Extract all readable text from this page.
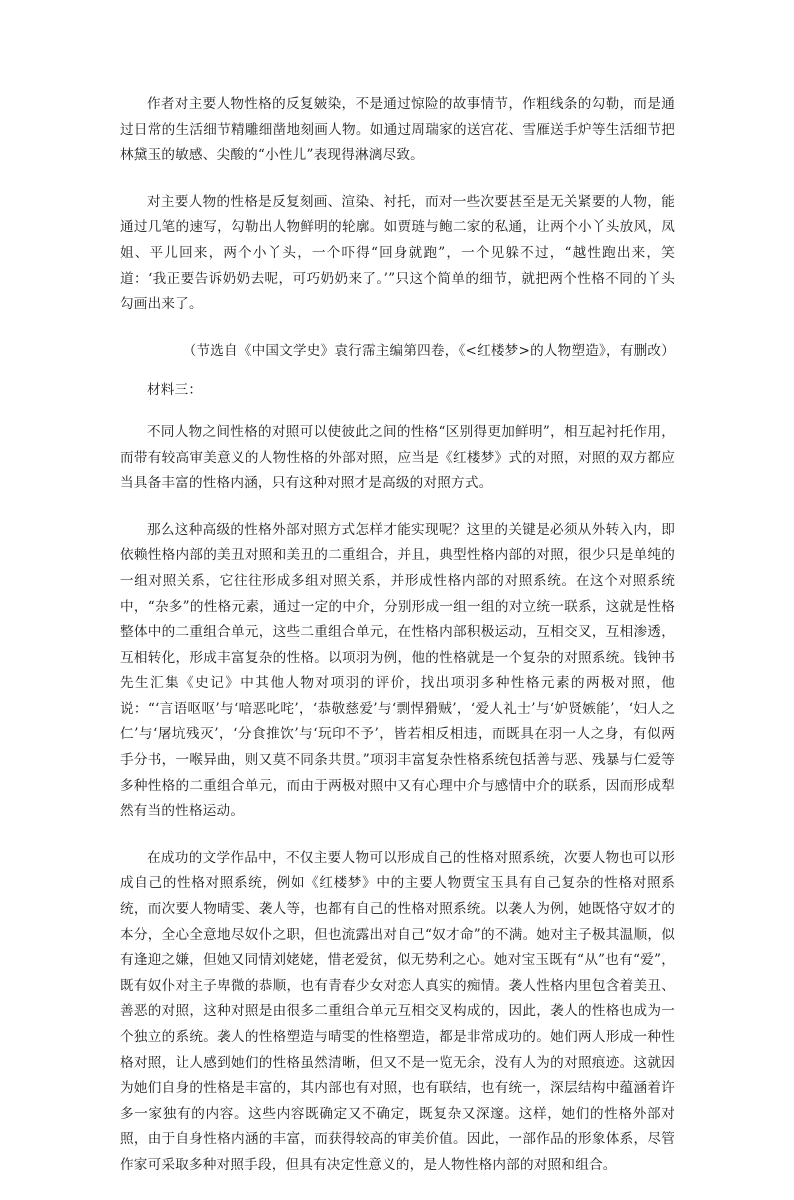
作者对主要人物性格的反复皴染，不是通过惊险的故事情节，作粗线条的勾勒，而是通过日常的生活细节精雕细凿地刻画人物。如通过周瑞家的送宫花、雪雁送手炉等生活细节把林黛玉的敏感、尖酸的“小性儿”表现得淋漓尽致。

对主要人物的性格是反复刻画、渲染、衬托，而对一些次要甚至是无关紧要的人物，能通过几笔的速写，勾勒出人物鲜明的轮廓。如贾琏与鲍二家的私通，让两个小丫头放风，凤姐、平儿回来，两个小丫头，一个吓得“回身就跑”，一个见躲不过，“越性跑出来，笑道：‘我正要告诉奶奶去呢，可巧奶奶来了。’”只这个简单的细节，就把两个性格不同的丫头勾画出来了。

（节选自《中国文学史》袁行霈主编第四卷，《<红楼梦>的人物塑造》，有删改）

材料三：

不同人物之间性格的对照可以使彼此之间的性格“区别得更加鲜明”，相互起衬托作用，而带有较高审美意义的人物性格的外部对照，应当是《红楼梦》式的对照，对照的双方都应当具备丰富的性格内涵，只有这种对照才是高级的对照方式。

那么这种高级的性格外部对照方式怎样才能实现呢？这里的关键是必须从外转入内，即依赖性格内部的美丑对照和美丑的二重组合，并且，典型性格内部的对照，很少只是单纯的一组对照关系，它往往形成多组对照关系，并形成性格内部的对照系统。在这个对照系统中，“杂多”的性格元素，通过一定的中介，分别形成一组一组的对立统一联系，这就是性格整体中的二重组合单元，这些二重组合单元，在性格内部积极运动，互相交叉，互相渗透，互相转化，形成丰富复杂的性格。以项羽为例，他的性格就是一个复杂的对照系统。钱钟书先生汇集《史记》中其他人物对项羽的评价，找出项羽多种性格元素的两极对照，他说：“‘言语呕呕’与‘喑恶叱咤’，‘恭敬慈爱’与‘剽悍猾贼’，‘爱人礼士’与‘妒贤嫉能’，‘妇人之仁’与‘屠坑残灭’，‘分食推饮’与‘玩印不予’，皆若相反相违，而既具在羽一人之身，有似两手分书，一喉异曲，则又莫不同条共贯。”项羽丰富复杂性格系统包括善与恶、残暴与仁爱等多种性格的二重组合单元，而由于两极对照中又有心理中介与感情中介的联系，因而形成犁然有当的性格运动。

在成功的文学作品中，不仅主要人物可以形成自己的性格对照系统，次要人物也可以形成自己的性格对照系统，例如《红楼梦》中的主要人物贾宝玉具有自己复杂的性格对照系统，而次要人物晴雯、袭人等，也都有自己的性格对照系统。以袭人为例，她既恪守奴才的本分，全心全意地尽奴仆之职，但也流露出对自己“奴才命”的不满。她对主子极其温顺，似有逢迎之嫌，但她又同情刘姥姥，惜老爱贫，似无势利之心。她对宝玉既有“从”也有“爱”，既有奴仆对主子卑微的恭顺，也有青春少女对恋人真实的痴情。袭人性格内里包含着美丑、善恶的对照，这种对照是由很多二重组合单元互相交叉构成的，因此，袭人的性格也成为一个独立的系统。袭人的性格塑造与晴雯的性格塑造，都是非常成功的。她们两人形成一种性格对照，让人感到她们的性格虽然清晰，但又不是一览无余，没有人为的对照痕迹。这就因为她们自身的性格是丰富的，其内部也有对照，也有联结，也有统一，深层结构中蕴涵着许多一家独有的内容。这些内容既确定又不确定，既复杂又深邃。这样，她们的性格外部对照，由于自身性格内涵的丰富，而获得较高的审美价值。因此，一部作品的形象体系，尽管作家可采取多种对照手段，但具有决定性意义的，是人物性格内部的对照和组合。
